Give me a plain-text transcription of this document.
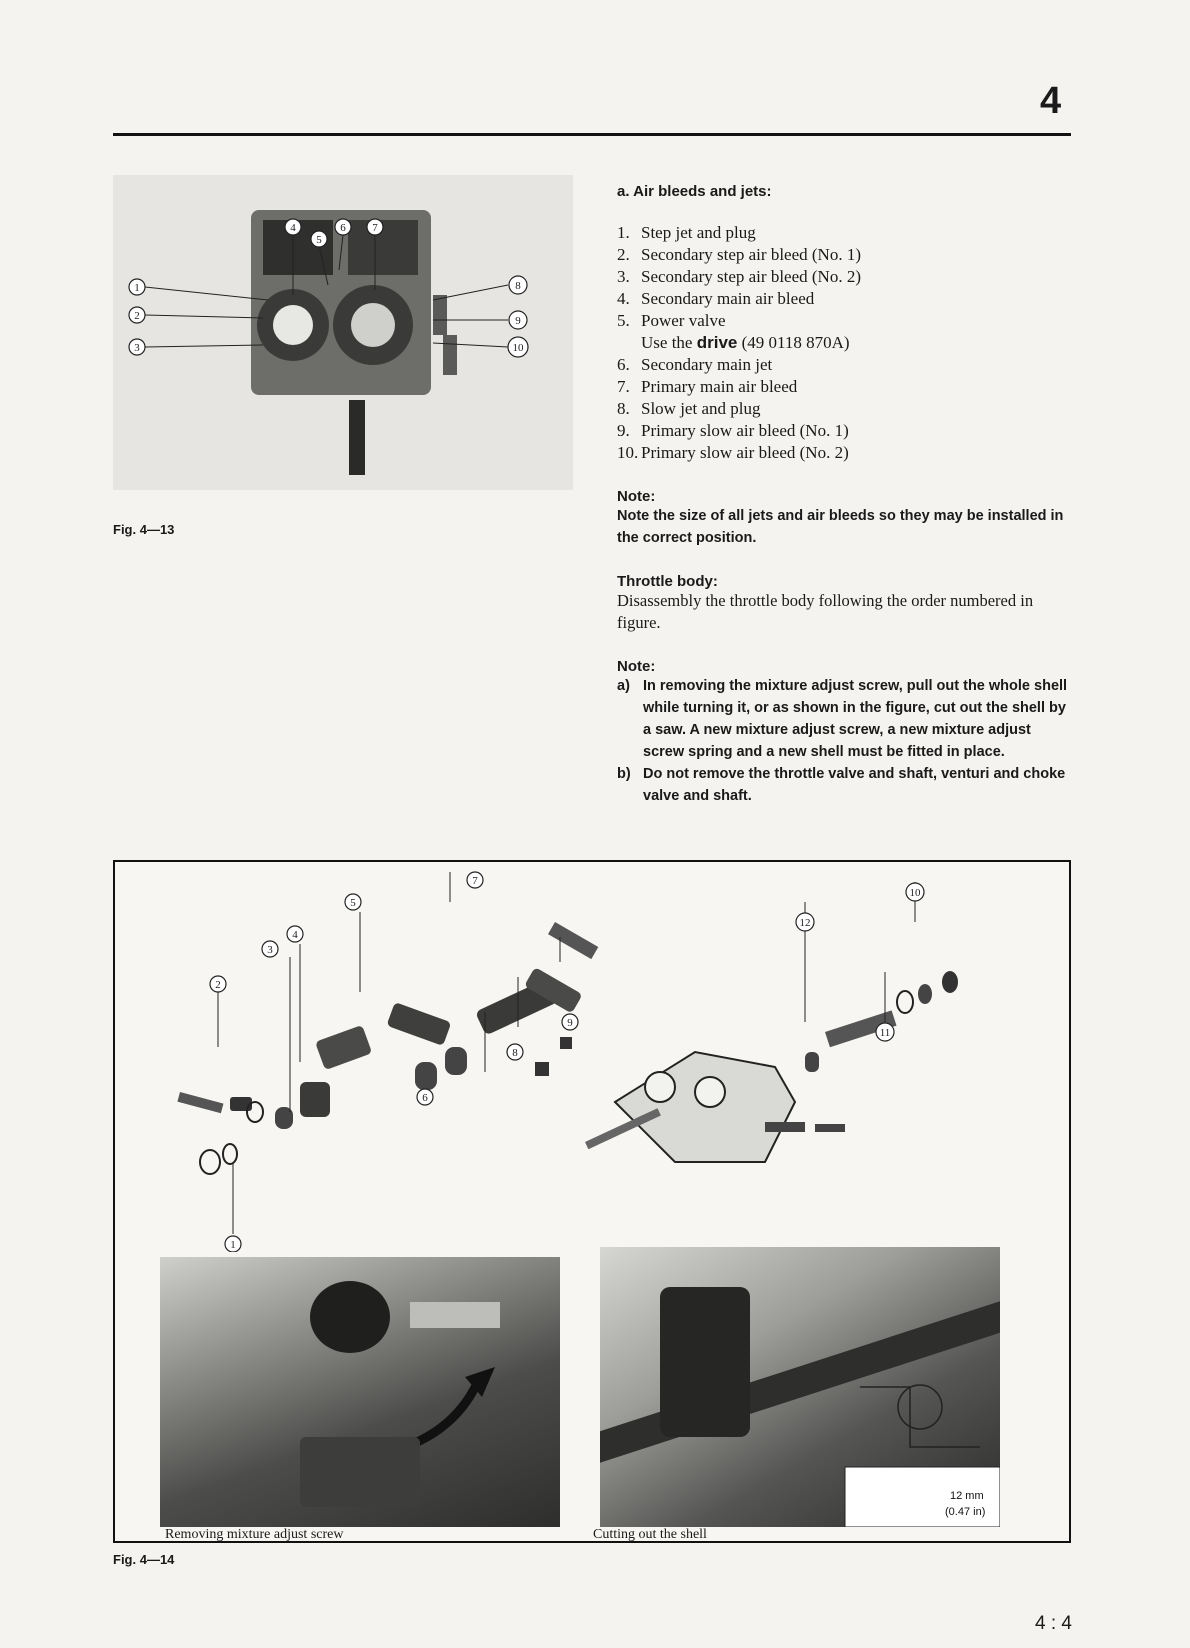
4
1
2
3
4
5
6 7
8
9
10
Fig. 4—13
a. Air bleeds and jets:
1. Step jet and plug
2. Secondary step air bleed (No. 1)
3. Secondary step air bleed (No. 2)
4. Secondary main air bleed
5. Power valve
Use the drive (49 0118 870A)
6. Secondary main jet
7. Primary main air bleed
8. Slow jet and plug
9. Primary slow air bleed (No. 1)
10. Primary slow air bleed (No. 2)
Note:
Note the size of all jets and air bleeds so they may be installed in the correct position.
Throttle body:
Disassembly the throttle body following the order numbered in figure.
Note:
a) In removing the mixture adjust screw, pull out the whole shell while turning it, or as shown in the figure, cut out the shell by a saw. A new mixture adjust screw, a new mixture adjust screw spring and a new shell must be fitted in place.
b) Do not remove the throttle valve and shaft, venturi and choke valve and shaft.
1
2
3
4
5
6
7
8
9
10
11
12
Removing mixture adjust screw
12 mm
(0.47 in)
Cutting out the shell
Fig. 4—14
4 : 4
